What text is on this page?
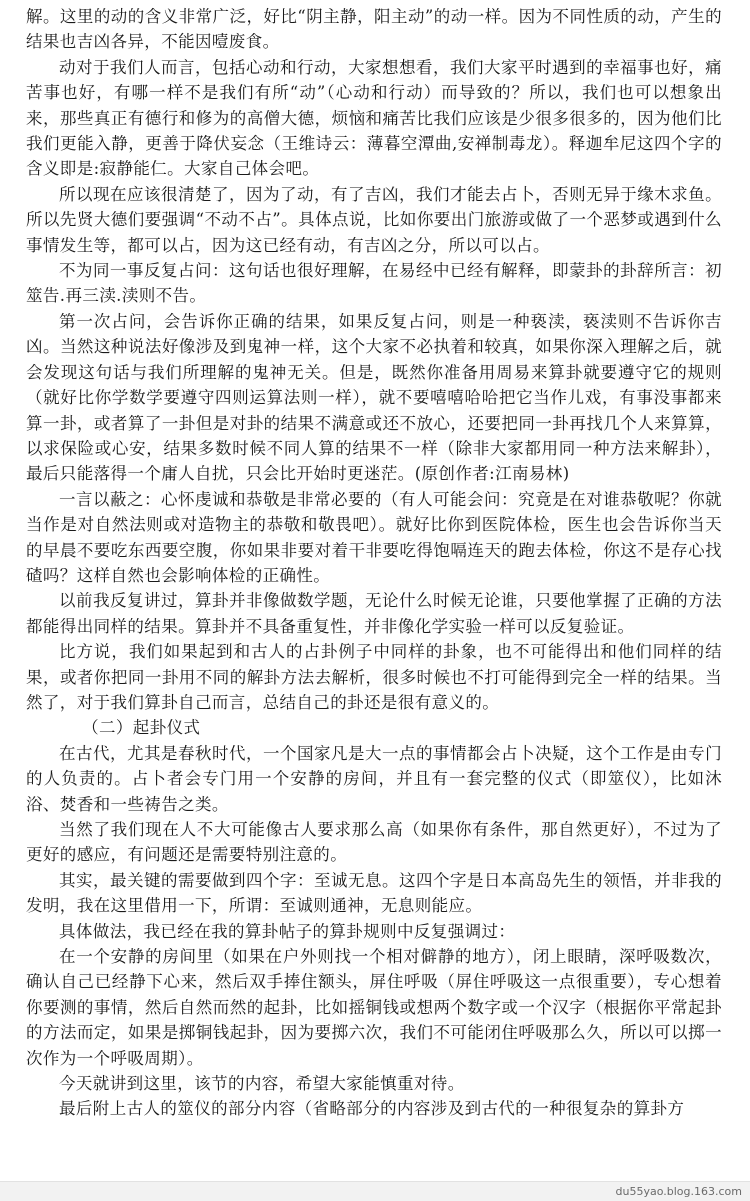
解。这里的动的含义非常广泛，好比“阴主静，阳主动”的动一样。因为不同性质的动，产生的结果也吉凶各异，不能因噎废食。

动对于我们人而言，包括心动和行动，大家想想看，我们大家平时遇到的幸福事也好，痛苦事也好，有哪一样不是我们有所“动”（心动和行动）而导致的？所以，我们也可以想象出来，那些真正有德行和修为的高僧大德，烦恼和痛苦比我们应该是少很多很多的，因为他们比我们更能入静，更善于降伏妄念（王维诗云：薄暮空潭曲,安禅制毒龙）。释迦牟尼这四个字的含义即是:寂静能仁。大家自己体会吧。

所以现在应该很清楚了，因为了动，有了吉凶，我们才能去占卜，否则无异于缘木求鱼。所以先贤大德们要强调“不动不占”。具体点说，比如你要出门旅游或做了一个恶梦或遇到什么事情发生等，都可以占，因为这已经有动，有吉凶之分，所以可以占。

不为同一事反复占问：这句话也很好理解，在易经中已经有解释，即蒙卦的卦辞所言：初筮告.再三渎.渎则不告。

第一次占问，会告诉你正确的结果，如果反复占问，则是一种亵渎，亵渎则不告诉你吉凶。当然这种说法好像涉及到鬼神一样，这个大家不必执着和较真，如果你深入理解之后，就会发现这句话与我们所理解的鬼神无关。但是，既然你准备用周易来算卦就要遵守它的规则（就好比你学数学要遵守四则运算法则一样），就不要嘻嘻哈哈把它当作儿戏，有事没事都来算一卦，或者算了一卦但是对卦的结果不满意或还不放心，还要把同一卦再找几个人来算算，以求保险或心安，结果多数时候不同人算的结果不一样（除非大家都用同一种方法来解卦），最后只能落得一个庸人自扰，只会比开始时更迷茫。(原创作者:江南易林)

一言以蔽之：心怀虔诚和恭敬是非常必要的（有人可能会问：究竟是在对谁恭敬呢？你就当作是对自然法则或对造物主的恭敬和敬畏吧）。就好比你到医院体检，医生也会告诉你当天的早晨不要吃东西要空腹，你如果非要对着干非要吃得饱嗝连天的跑去体检，你这不是存心找碴吗？这样自然也会影响体检的正确性。

以前我反复讲过，算卦并非像做数学题，无论什么时候无论谁，只要他掌握了正确的方法都能得出同样的结果。算卦并不具备重复性，并非像化学实验一样可以反复验证。

比方说，我们如果起到和古人的占卦例子中同样的卦象，也不可能得出和他们同样的结果，或者你把同一卦用不同的解卦方法去解析，很多时候也不打可能得到完全一样的结果。当然了，对于我们算卦自己而言，总结自己的卦还是很有意义的。

（二）起卦仪式

在古代，尤其是春秋时代，一个国家凡是大一点的事情都会占卜决疑，这个工作是由专门的人负责的。占卜者会专门用一个安静的房间，并且有一套完整的仪式（即筮仪），比如沐浴、焚香和一些祷告之类。

当然了我们现在人不大可能像古人要求那么高（如果你有条件，那自然更好），不过为了更好的感应，有问题还是需要特别注意的。

其实，最关键的需要做到四个字：至诚无息。这四个字是日本高岛先生的领悟，并非我的发明，我在这里借用一下，所谓：至诚则通神，无息则能应。

具体做法，我已经在我的算卦帖子的算卦规则中反复强调过：

在一个安静的房间里（如果在户外则找一个相对僻静的地方），闭上眼睛，深呼吸数次，确认自己已经静下心来，然后双手捧住额头，屏住呼吸（屏住呼吸这一点很重要），专心想着你要测的事情，然后自然而然的起卦，比如摇铜钱或想两个数字或一个汉字（根据你平常起卦的方法而定，如果是掷铜钱起卦，因为要掷六次，我们不可能闭住呼吸那么久，所以可以掷一次作为一个呼吸周期）。

今天就讲到这里，该节的内容，希望大家能慎重对待。

最后附上古人的筮仪的部分内容（省略部分的内容涉及到古代的一种很复杂的算卦方

du55yao.blog.163.com
